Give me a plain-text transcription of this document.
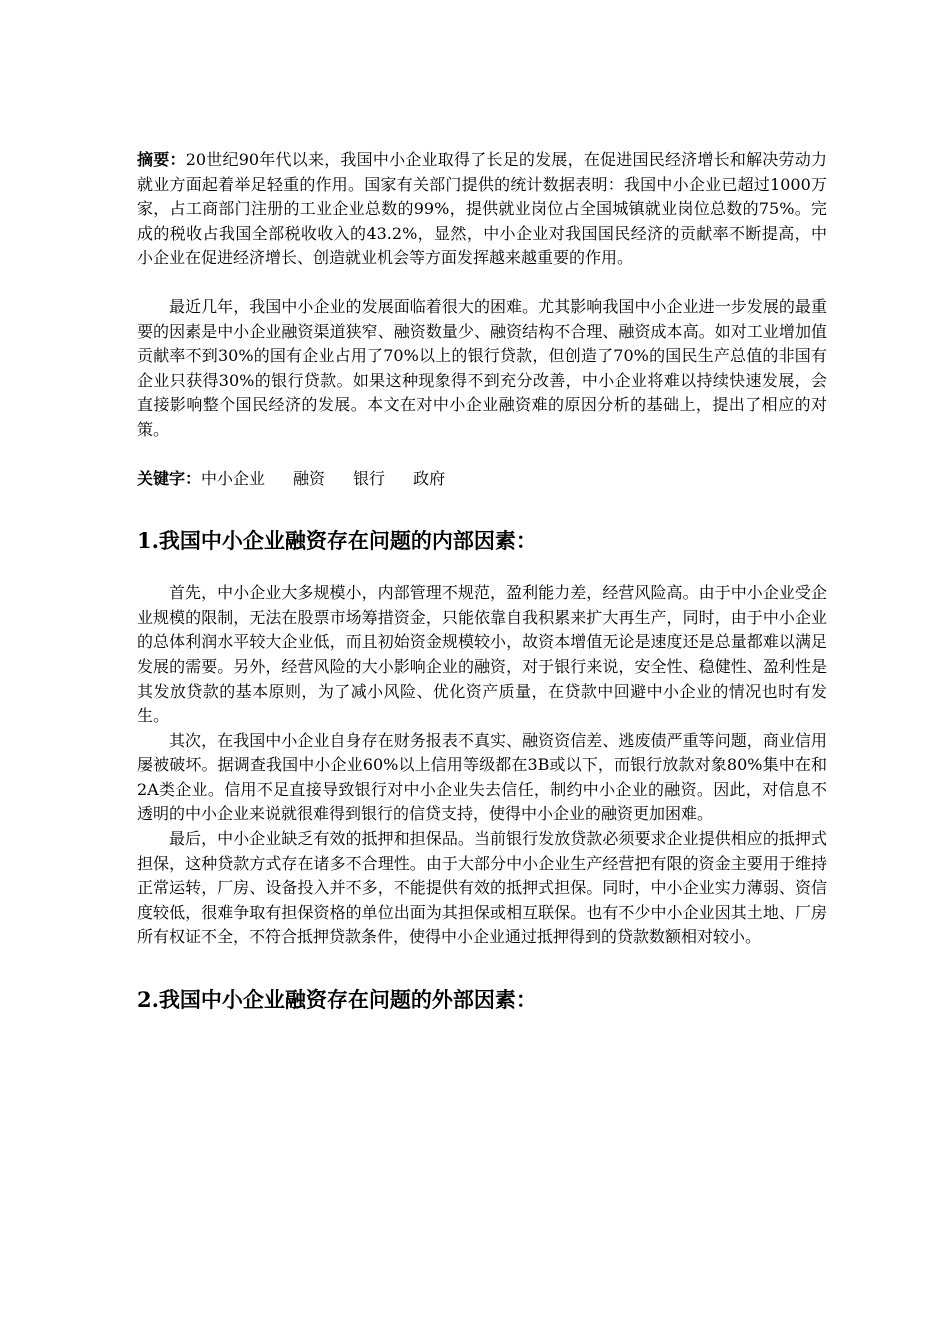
摘要：20世纪90年代以来，我国中小企业取得了长足的发展，在促进国民经济增长和解决劳动力就业方面起着举足轻重的作用。国家有关部门提供的统计数据表明：我国中小企业已超过1000万家，占工商部门注册的工业企业总数的99%，提供就业岗位占全国城镇就业岗位总数的75%。完成的税收占我国全部税收收入的43.2%，显然，中小企业对我国国民经济的贡献率不断提高，中小企业在促进经济增长、创造就业机会等方面发挥越来越重要的作用。

最近几年，我国中小企业的发展面临着很大的困难。尤其影响我国中小企业进一步发展的最重要的因素是中小企业融资渠道狭窄、融资数量少、融资结构不合理、融资成本高。如对工业增加值贡献率不到30%的国有企业占用了70%以上的银行贷款，但创造了70%的国民生产总值的非国有企业只获得30%的银行贷款。如果这种现象得不到充分改善，中小企业将难以持续快速发展，会直接影响整个国民经济的发展。本文在对中小企业融资难的原因分析的基础上，提出了相应的对策。

关键字：中小企业 融资 银行 政府

1.我国中小企业融资存在问题的内部因素：

首先，中小企业大多规模小，内部管理不规范，盈利能力差，经营风险高。由于中小企业受企业规模的限制，无法在股票市场筹措资金，只能依靠自我积累来扩大再生产，同时，由于中小企业的总体利润水平较大企业低，而且初始资金规模较小，故资本增值无论是速度还是总量都难以满足发展的需要。另外，经营风险的大小影响企业的融资，对于银行来说，安全性、稳健性、盈利性是其发放贷款的基本原则，为了减小风险、优化资产质量，在贷款中回避中小企业的情况也时有发生。

其次，在我国中小企业自身存在财务报表不真实、融资资信差、逃废债严重等问题，商业信用屡被破坏。据调查我国中小企业60%以上信用等级都在3B或以下，而银行放款对象80%集中在和2A类企业。信用不足直接导致银行对中小企业失去信任，制约中小企业的融资。因此，对信息不透明的中小企业来说就很难得到银行的信贷支持，使得中小企业的融资更加困难。

最后，中小企业缺乏有效的抵押和担保品。当前银行发放贷款必须要求企业提供相应的抵押式担保，这种贷款方式存在诸多不合理性。由于大部分中小企业生产经营把有限的资金主要用于维持正常运转，厂房、设备投入并不多，不能提供有效的抵押式担保。同时，中小企业实力薄弱、资信度较低，很难争取有担保资格的单位出面为其担保或相互联保。也有不少中小企业因其土地、厂房所有权证不全，不符合抵押贷款条件，使得中小企业通过抵押得到的贷款数额相对较小。

2.我国中小企业融资存在问题的外部因素：
